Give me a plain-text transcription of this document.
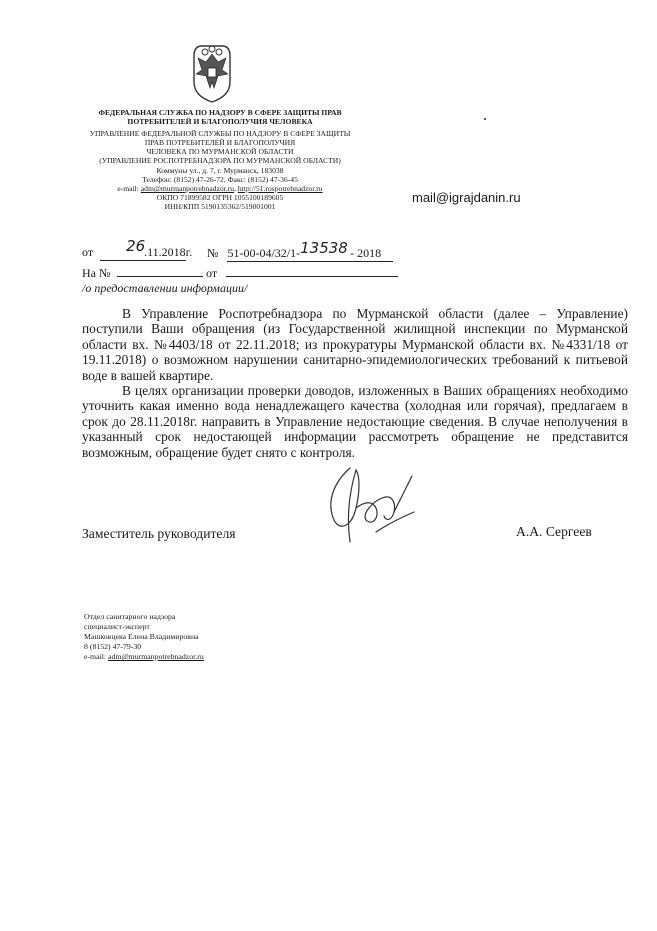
ФЕДЕРАЛЬНАЯ СЛУЖБА ПО НАДЗОРУ В СФЕРЕ ЗАЩИТЫ ПРАВ
ПОТРЕБИТЕЛЕЙ И БЛАГОПОЛУЧИЯ ЧЕЛОВЕКА
УПРАВЛЕНИЕ ФЕДЕРАЛЬНОЙ СЛУЖБЫ ПО НАДЗОРУ В СФЕРЕ ЗАЩИТЫ
ПРАВ ПОТРЕБИТЕЛЕЙ И БЛАГОПОЛУЧИЯ
ЧЕЛОВЕКА ПО МУРМАНСКОЙ ОБЛАСТИ
(УПРАВЛЕНИЕ РОСПОТРЕБНАДЗОРА ПО МУРМАНСКОЙ ОБЛАСТИ)
Коммуны ул., д. 7, г. Мурманск, 183038
Телефон: (8152) 47-26-72, Факс: (8152) 47-36-45
e-mail: adm@murmanpotrebnadzor.ru, http://51.rospotrebnadzor.ru
ОКПО 71899582 ОГРН 1055100189605
ИНН/КПП 5190135362/519001001
mail@igrajdanin.ru
от 26
.11.2018г. № 51-00-04/32/1-13538 - 2018
На №	от
/о предоставлении информации/

В Управление Роспотребнадзора по Мурманской области (далее – Управление) поступили Ваши обращения (из Государственной жилищной инспекции по Мурманской области вх. №4403/18 от 22.11.2018; из прокуратуры Мурманской области вх. №4331/18 от 19.11.2018) о возможном нарушении санитарно-эпидемиологических требований к питьевой воде в вашей квартире.

В целях организации проверки доводов, изложенных в Ваших обращениях необходимо уточнить какая именно вода ненадлежащего качества (холодная или горячая), предлагаем в срок до 28.11.2018г. направить в Управление недостающие сведения. В случае неполучения в указанный срок недостающей информации рассмотреть обращение не представится возможным, обращение будет снято с контроля.

Заместитель руководителя	А.А. Сергеев
Отдел санитарного надзора
специалист-эксперт
Машковцева Елена Владимировна
8 (8152) 47-79-30
e-mail: adm@murmanpotrebnadzor.ru
